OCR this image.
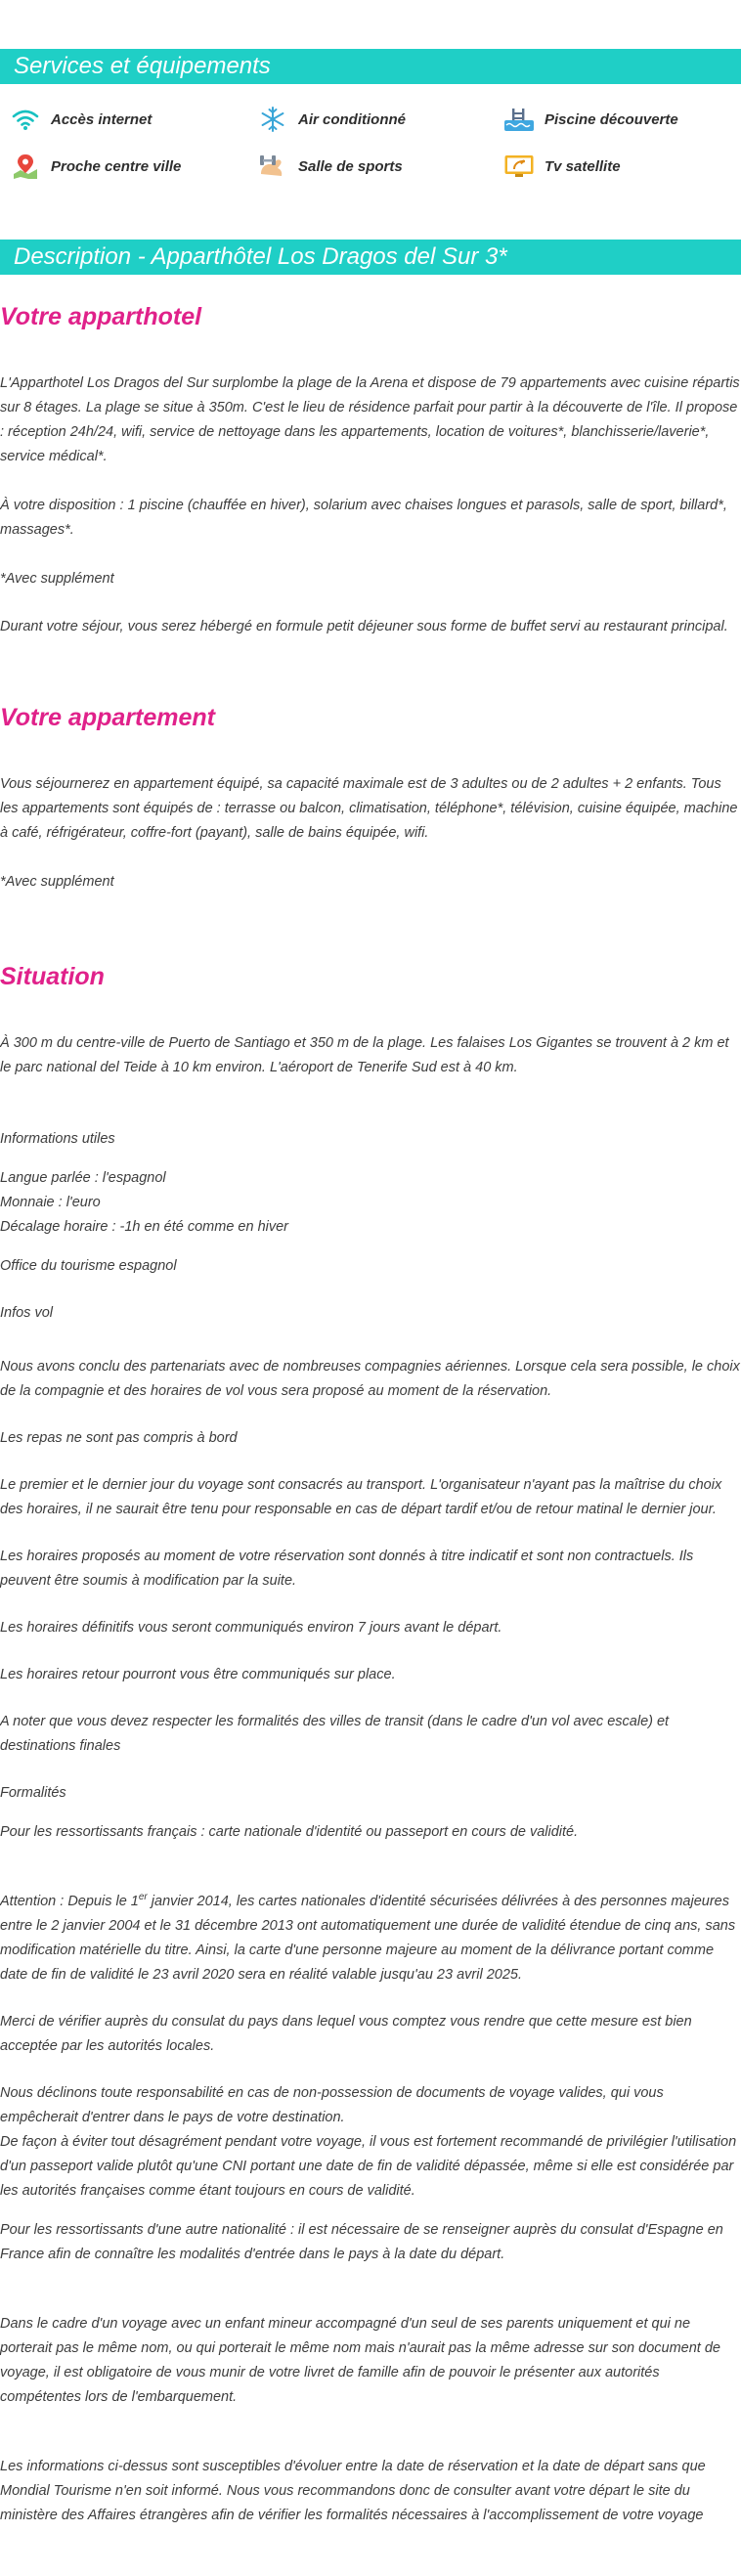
Services et équipements
Accès internet	Air conditionné	Piscine découverte
Proche centre ville	Salle de sports	Tv satellite
Description - Apparthôtel Los Dragos del Sur 3*
Votre apparthotel

L'Apparthotel Los Dragos del Sur surplombe la plage de la Arena et dispose de 79 appartements avec cuisine répartis sur 8 étages. La plage se situe à 350m. C'est le lieu de résidence parfait pour partir à la découverte de l'île. Il propose : réception 24h/24, wifi, service de nettoyage dans les appartements, location de voitures*, blanchisserie/laverie*, service médical*.

À votre disposition : 1 piscine (chauffée en hiver), solarium avec chaises longues et parasols, salle de sport, billard*, massages*.

*Avec supplément

Durant votre séjour, vous serez hébergé en formule petit déjeuner sous forme de buffet servi au restaurant principal.

Votre appartement

Vous séjournerez en appartement équipé, sa capacité maximale est de 3 adultes ou de 2 adultes + 2 enfants. Tous les appartements sont équipés de : terrasse ou balcon, climatisation, téléphone*, télévision, cuisine équipée, machine à café, réfrigérateur, coffre-fort (payant), salle de bains équipée, wifi.

*Avec supplément

Situation

À 300 m du centre-ville de Puerto de Santiago et 350 m de la plage. Les falaises Los Gigantes se trouvent à 2 km et le parc national del Teide à 10 km environ. L'aéroport de Tenerife Sud est à 40 km.

Informations utiles

Langue parlée : l'espagnol

Monnaie : l'euro

Décalage horaire : -1h en été comme en hiver

Office du tourisme espagnol

Infos vol

Nous avons conclu des partenariats avec de nombreuses compagnies aériennes. Lorsque cela sera possible, le choix de la compagnie et des horaires de vol vous sera proposé au moment de la réservation.

Les repas ne sont pas compris à bord

Le premier et le dernier jour du voyage sont consacrés au transport. L'organisateur n'ayant pas la maîtrise du choix des horaires, il ne saurait être tenu pour responsable en cas de départ tardif et/ou de retour matinal le dernier jour.

Les horaires proposés au moment de votre réservation sont donnés à titre indicatif et sont non contractuels. Ils peuvent être soumis à modification par la suite.

Les horaires définitifs vous seront communiqués environ 7 jours avant le départ.

Les horaires retour pourront vous être communiqués sur place.

A noter que vous devez respecter les formalités des villes de transit (dans le cadre d'un vol avec escale) et destinations finales

Formalités

Pour les ressortissants français : carte nationale d'identité ou passeport en cours de validité.

Attention : Depuis le 1er janvier 2014, les cartes nationales d'identité sécurisées délivrées à des personnes majeures entre le 2 janvier 2004 et le 31 décembre 2013 ont automatiquement une durée de validité étendue de cinq ans, sans modification matérielle du titre. Ainsi, la carte d'une personne majeure au moment de la délivrance portant comme date de fin de validité le 23 avril 2020 sera en réalité valable jusqu'au 23 avril 2025.

Merci de vérifier auprès du consulat du pays dans lequel vous comptez vous rendre que cette mesure est bien acceptée par les autorités locales.

Nous déclinons toute responsabilité en cas de non-possession de documents de voyage valides, qui vous empêcherait d'entrer dans le pays de votre destination.

De façon à éviter tout désagrément pendant votre voyage, il vous est fortement recommandé de privilégier l'utilisation d'un passeport valide plutôt qu'une CNI portant une date de fin de validité dépassée, même si elle est considérée par les autorités françaises comme étant toujours en cours de validité.

Pour les ressortissants d'une autre nationalité : il est nécessaire de se renseigner auprès du consulat d'Espagne en France afin de connaître les modalités d'entrée dans le pays à la date du départ.

Dans le cadre d'un voyage avec un enfant mineur accompagné d'un seul de ses parents uniquement et qui ne porterait pas le même nom, ou qui porterait le même nom mais n'aurait pas la même adresse sur son document de voyage, il est obligatoire de vous munir de votre livret de famille afin de pouvoir le présenter aux autorités compétentes lors de l'embarquement.

Les informations ci-dessus sont susceptibles d'évoluer entre la date de réservation et la date de départ sans que Mondial Tourisme n'en soit informé. Nous vous recommandons donc de consulter avant votre départ le site du ministère des Affaires étrangères afin de vérifier les formalités nécessaires à l'accomplissement de votre voyage
